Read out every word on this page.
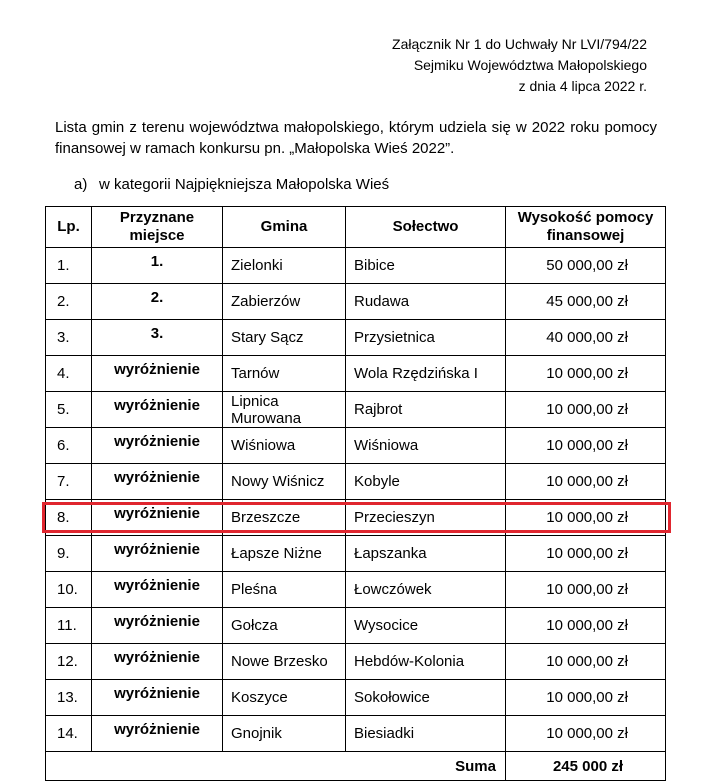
Załącznik Nr 1 do Uchwały Nr LVI/794/22
Sejmiku Województwa Małopolskiego
z dnia 4 lipca 2022 r.
Lista gmin z terenu województwa małopolskiego, którym udziela się w 2022 roku pomocy finansowej w ramach konkursu pn. „Małopolska Wieś 2022”.
a) w kategorii Najpiękniejsza Małopolska Wieś
Lp.	Przyznane miejsce	Gmina	Sołectwo	Wysokość pomocy finansowej
1.	1.	Zielonki	Bibice	50 000,00 zł
2.	2.	Zabierzów	Rudawa	45 000,00 zł
3.	3.	Stary Sącz	Przysietnica	40 000,00 zł
4.	wyróżnienie	Tarnów	Wola Rzędzińska I	10 000,00 zł
5.	wyróżnienie	Lipnica Murowana	Rajbrot	10 000,00 zł
6.	wyróżnienie	Wiśniowa	Wiśniowa	10 000,00 zł
7.	wyróżnienie	Nowy Wiśnicz	Kobyle	10 000,00 zł
8.	wyróżnienie	Brzeszcze	Przecieszyn	10 000,00 zł
9.	wyróżnienie	Łapsze Niżne	Łapszanka	10 000,00 zł
10.	wyróżnienie	Pleśna	Łowczówek	10 000,00 zł
11.	wyróżnienie	Gołcza	Wysocice	10 000,00 zł
12.	wyróżnienie	Nowe Brzesko	Hebdów-Kolonia	10 000,00 zł
13.	wyróżnienie	Koszyce	Sokołowice	10 000,00 zł
14.	wyróżnienie	Gnojnik	Biesiadki	10 000,00 zł
Suma				245 000 zł
